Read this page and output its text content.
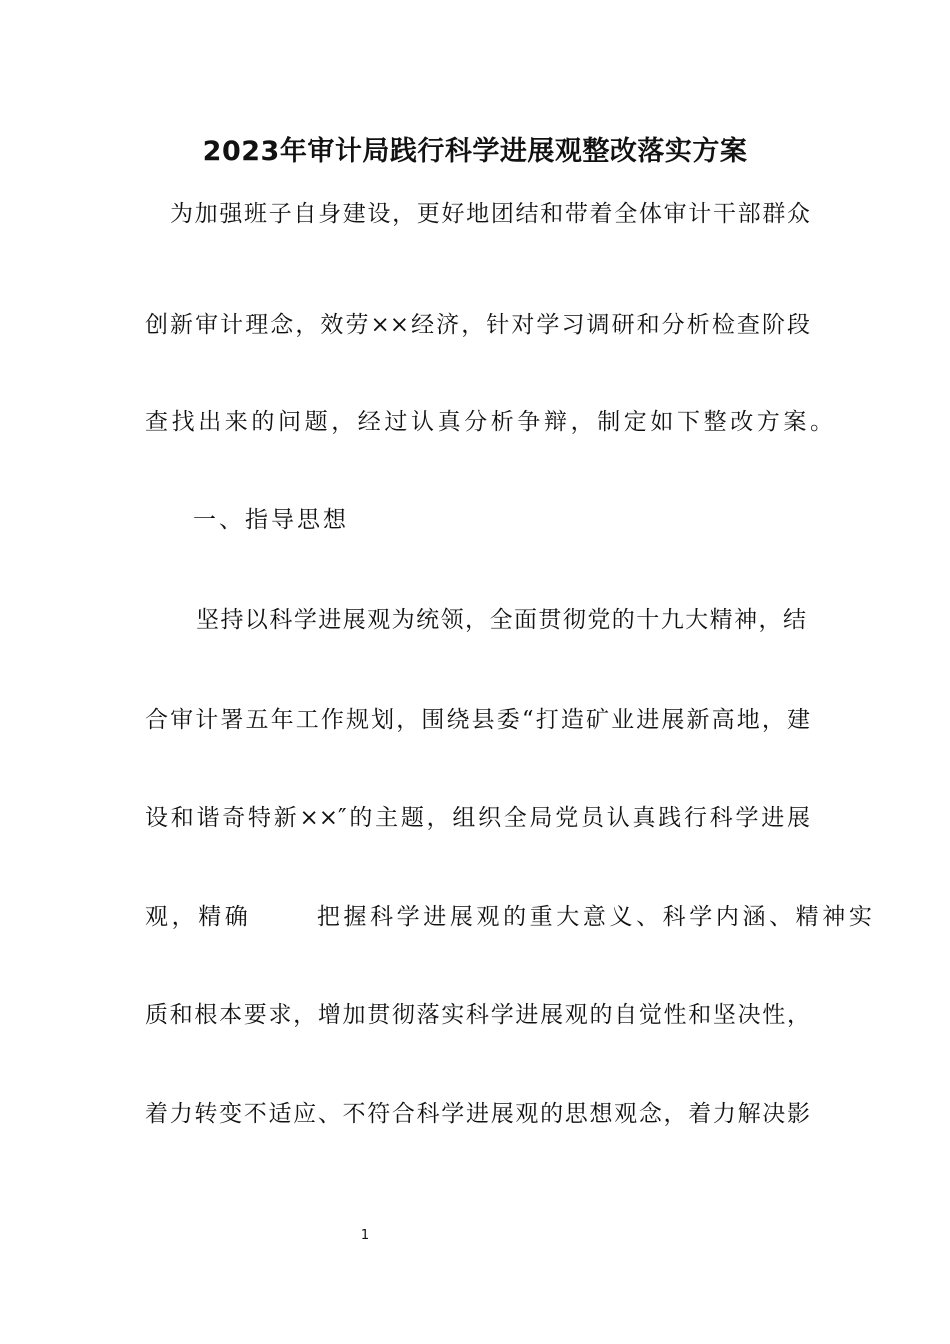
2023年审计局践行科学进展观整改落实方案
为加强班子自身建设，更好地团结和带着全体审计干部群众
创新审计理念，效劳××经济，针对学习调研和分析检查阶段
查找出来的问题，经过认真分析争辩，制定如下整改方案。
一、指导思想
坚持以科学进展观为统领，全面贯彻党的十九大精神，结
合审计署五年工作规划，围绕县委“打造矿业进展新高地，建
设和谐奇特新××″的主题，组织全局党员认真践行科学进展
观，精确      把握科学进展观的重大意义、科学内涵、精神实
质和根本要求，增加贯彻落实科学进展观的自觉性和坚决性，
着力转变不适应、不符合科学进展观的思想观念，着力解决影
1
